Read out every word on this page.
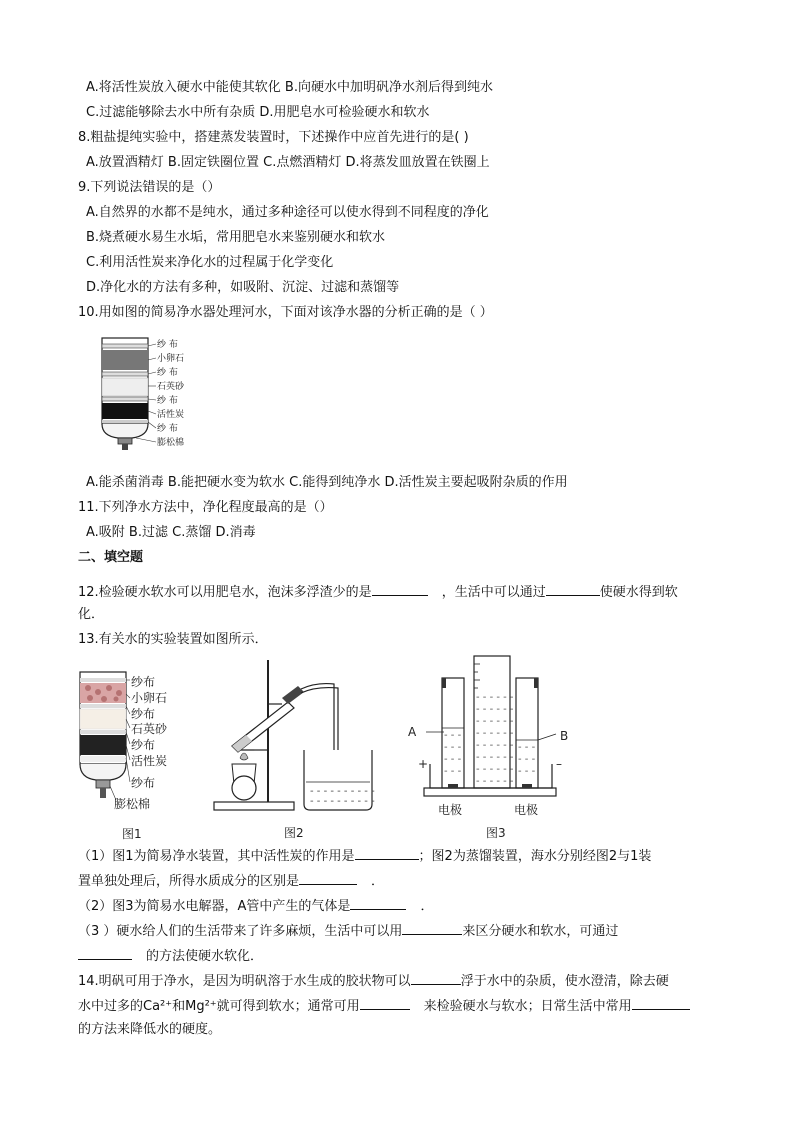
A.将活性炭放入硬水中能使其软化 B.向硬水中加明矾净水剂后得到纯水
C.过滤能够除去水中所有杂质 D.用肥皂水可检验硬水和软水
8.粗盐提纯实验中，搭建蒸发装置时，下述操作中应首先进行的是( )
A.放置酒精灯 B.固定铁圈位置 C.点燃酒精灯 D.将蒸发皿放置在铁圈上
9.下列说法错误的是（）
A.自然界的水都不是纯水，通过多种途径可以使水得到不同程度的净化
B.烧煮硬水易生水垢，常用肥皂水来鉴别硬水和软水
C.利用活性炭来净化水的过程属于化学变化
D.净化水的方法有多种，如吸附、沉淀、过滤和蒸馏等
10.用如图的简易净水器处理河水，下面对该净水器的分析正确的是（ ）
纱 布
小卵石
纱 布
石英砂
纱 布
活性炭
纱 布
膨松棉
A.能杀菌消毒 B.能把硬水变为软水 C.能得到纯净水 D.活性炭主要起吸附杂质的作用
11.下列净水方法中，净化程度最高的是（）
A.吸附 B.过滤 C.蒸馏 D.消毒
二、填空题
12.检验硬水软水可以用肥皂水，泡沫多浮渣少的是	，生活中可以通过	使硬水得到软
化．
13.有关水的实验装置如图所示．
纱布
小卵石
纱布
石英砂
纱布
活性炭
纱布
膨松棉
图1
- - - - - - - - - -
- - - - - - - - - -
图2
- - - - - -
- - - - - -
- - - - - -
- - - - - -
- - - - - -
- - - - - -
- - - - - -
- - - - - -
- - -
- - -
- - -
- - -
- - -
- - -
- - -
A	B
+	–
电极	电极
图3
（1）图1为简易净水装置，其中活性炭的作用是	；图2为蒸馏装置，海水分别经图2与1装
置单独处理后，所得水质成分的区别是	．
（2）图3为简易水电解器，A管中产生的气体是	．
（3 ）硬水给人们的生活带来了许多麻烦，生活中可以用	来区分硬水和软水，可通过
的方法使硬水软化．
14.明矾可用于净水，是因为明矾溶于水生成的胶状物可以	浮于水中的杂质，使水澄清，除去硬
水中过多的Ca²⁺和Mg²⁺就可得到软水；通常可用	来检验硬水与软水；日常生活中常用
的方法来降低水的硬度。
